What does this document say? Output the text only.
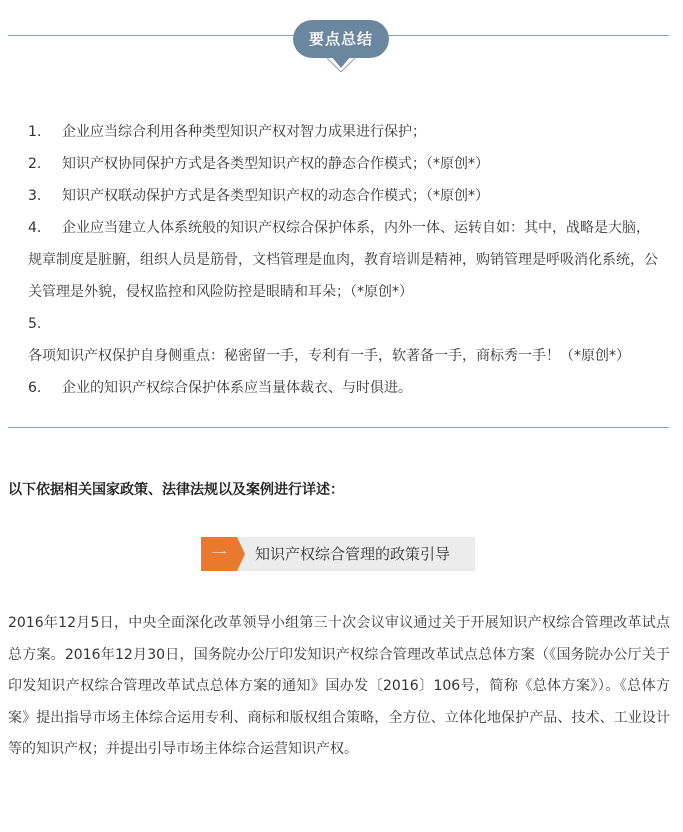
要点总结
1. 企业应当综合利用各种类型知识产权对智力成果进行保护；
2. 知识产权协同保护方式是各类型知识产权的静态合作模式；（*原创*）
3. 知识产权联动保护方式是各类型知识产权的动态合作模式；（*原创*）
4. 企业应当建立人体系统般的知识产权综合保护体系，内外一体、运转自如：其中，战略是大脑，规章制度是脏腑，组织人员是筋骨，文档管理是血肉，教育培训是精神，购销管理是呼吸消化系统，公关管理是外貌，侵权监控和风险防控是眼睛和耳朵；（*原创*）
5.各项知识产权保护自身侧重点：秘密留一手，专利有一手，软著备一手，商标秀一手！（*原创*）
6. 企业的知识产权综合保护体系应当量体裁衣、与时俱进。
以下依据相关国家政策、法律法规以及案例进行详述：
一	知识产权综合管理的政策引导
2016年12月5日，中央全面深化改革领导小组第三十次会议审议通过关于开展知识产权综合管理改革试点总方案。2016年12月30日，国务院办公厅印发知识产权综合管理改革试点总体方案（《国务院办公厅关于印发知识产权综合管理改革试点总体方案的通知》国办发〔2016〕106号，简称《总体方案》）。《总体方案》提出指导市场主体综合运用专利、商标和版权组合策略，全方位、立体化地保护产品、技术、工业设计等的知识产权；并提出引导市场主体综合运营知识产权。
